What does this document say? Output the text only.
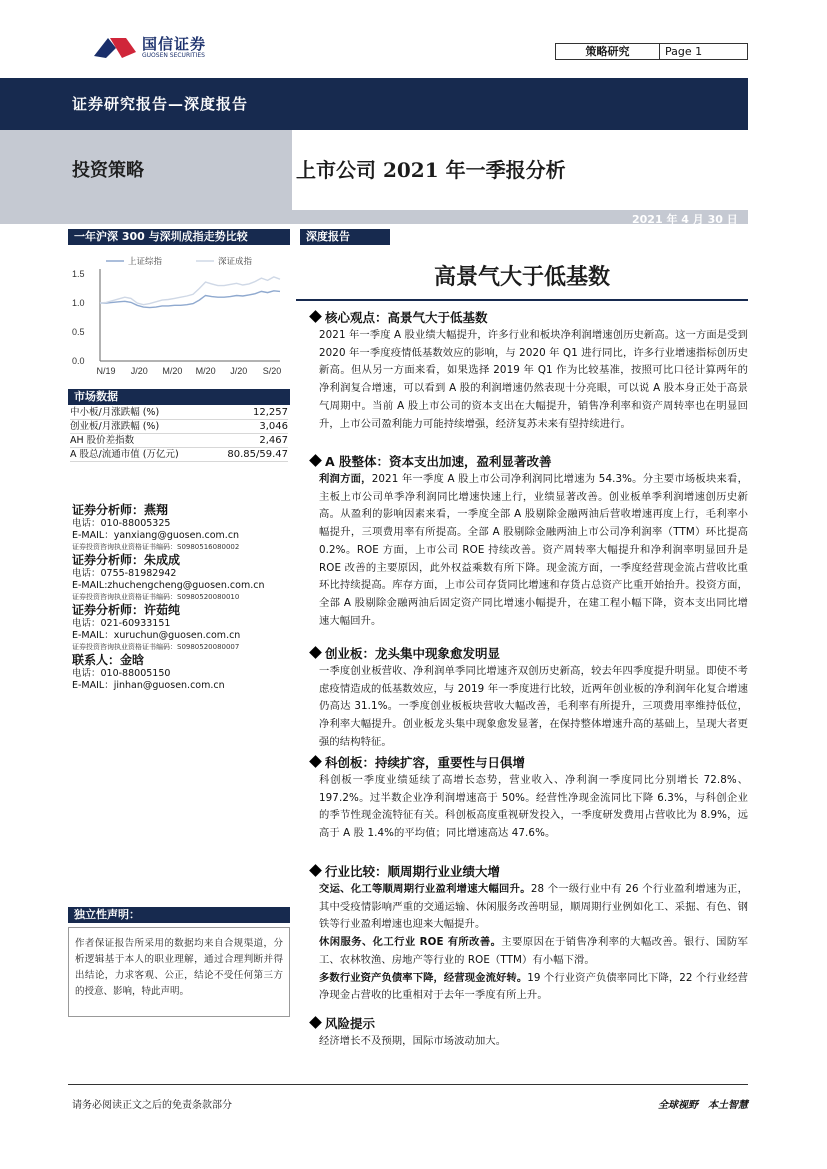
国信证券
GUOSEN SECURITIES	策略研究	Page 1
证券研究报告—深度报告
投资策略	上市公司 2021 年一季报分析
2021 年 4 月 30 日
一年沪深 300 与深圳成指走势比较
1.5
1.0
0.5
0.0
N/19 J/20 M/20 M/20 J/20 S/20
上证综指	深证成指
市场数据
中小板/月涨跌幅 (%)	12,257
创业板/月涨跌幅 (%)	3,046
AH 股价差指数	2,467
A 股总/流通市值 (万亿元)	80.85/59.47
证券分析师：燕翔
电话：010-88005325
E-MAIL：yanxiang@guosen.com.cn
证券投资咨询执业资格证书编码：S0980516080002
证券分析师：朱成成
电话：0755-81982942
E-MAIL:zhuchengcheng@guosen.com.cn
证券投资咨询执业资格证书编码：S0980520080010
证券分析师：许茹纯
电话：021-60933151
E-MAIL：xuruchun@guosen.com.cn
证券投资咨询执业资格证书编码：S0980520080007
联系人：金晗
电话：010-88005150
E-MAIL：jinhan@guosen.com.cn
独立性声明：
作者保证报告所采用的数据均来自合规渠道，分析逻辑基于本人的职业理解，通过合理判断并得出结论，力求客观、公正，结论不受任何第三方的授意、影响，特此声明。
深度报告
高景气大于低基数
核心观点：高景气大于低基数
2021 年一季度 A 股业绩大幅提升，许多行业和板块净利润增速创历史新高。这一方面是受到 2020 年一季度疫情低基数效应的影响，与 2020 年 Q1 进行同比，许多行业增速指标创历史新高。但从另一方面来看，如果选择 2019 年 Q1 作为比较基准，按照可比口径计算两年的净利润复合增速，可以看到 A 股的利润增速仍然表现十分亮眼，可以说 A 股本身正处于高景气周期中。当前 A 股上市公司的资本支出在大幅提升，销售净利率和资产周转率也在明显回升，上市公司盈利能力可能持续增强，经济复苏未来有望持续进行。
A 股整体：资本支出加速，盈利显著改善
利润方面，2021 年一季度 A 股上市公司净利润同比增速为 54.3%。分主要市场板块来看，主板上市公司单季净利润同比增速快速上行，业绩显著改善。创业板单季利润增速创历史新高。从盈利的影响因素来看，一季度全部 A 股剔除金融两油后营收增速再度上行，毛利率小幅提升，三项费用率有所提高。全部 A 股剔除金融两油上市公司净利润率（TTM）环比提高 0.2%。ROE 方面，上市公司 ROE 持续改善。资产周转率大幅提升和净利润率明显回升是 ROE 改善的主要原因，此外权益乘数有所下降。现金流方面，一季度经营现金流占营收比重环比持续提高。库存方面，上市公司存货同比增速和存货占总资产比重开始抬升。投资方面，全部 A 股剔除金融两油后固定资产同比增速小幅提升，在建工程小幅下降，资本支出同比增速大幅回升。
创业板：龙头集中现象愈发明显
一季度创业板营收、净利润单季同比增速齐双创历史新高，较去年四季度提升明显。即使不考虑疫情造成的低基数效应，与 2019 年一季度进行比较，近两年创业板的净利润年化复合增速仍高达 31.1%。一季度创业板板块营收大幅改善，毛利率有所提升，三项费用率维持低位，净利率大幅提升。创业板龙头集中现象愈发显著，在保持整体增速升高的基础上，呈现大者更强的结构特征。
科创板：持续扩容，重要性与日俱增
科创板一季度业绩延续了高增长态势，营业收入、净利润一季度同比分别增长 72.8%、197.2%。过半数企业净利润增速高于 50%。经营性净现金流同比下降 6.3%，与科创企业的季节性现金流特征有关。科创板高度重视研发投入，一季度研发费用占营收比为 8.9%，远高于 A 股 1.4%的平均值；同比增速高达 47.6%。
行业比较：顺周期行业业绩大增
交运、化工等顺周期行业盈利增速大幅回升。28 个一级行业中有 26 个行业盈利增速为正，其中受疫情影响严重的交通运输、休闲服务改善明显，顺周期行业例如化工、采掘、有色、钢铁等行业盈利增速也迎来大幅提升。
休闲服务、化工行业 ROE 有所改善。主要原因在于销售净利率的大幅改善。银行、国防军工、农林牧渔、房地产等行业的 ROE（TTM）有小幅下滑。
多数行业资产负债率下降，经营现金流好转。19 个行业资产负债率同比下降，22 个行业经营净现金占营收的比重相对于去年一季度有所上升。
风险提示
经济增长不及预期，国际市场波动加大。
请务必阅读正文之后的免责条款部分	全球视野　本土智慧
